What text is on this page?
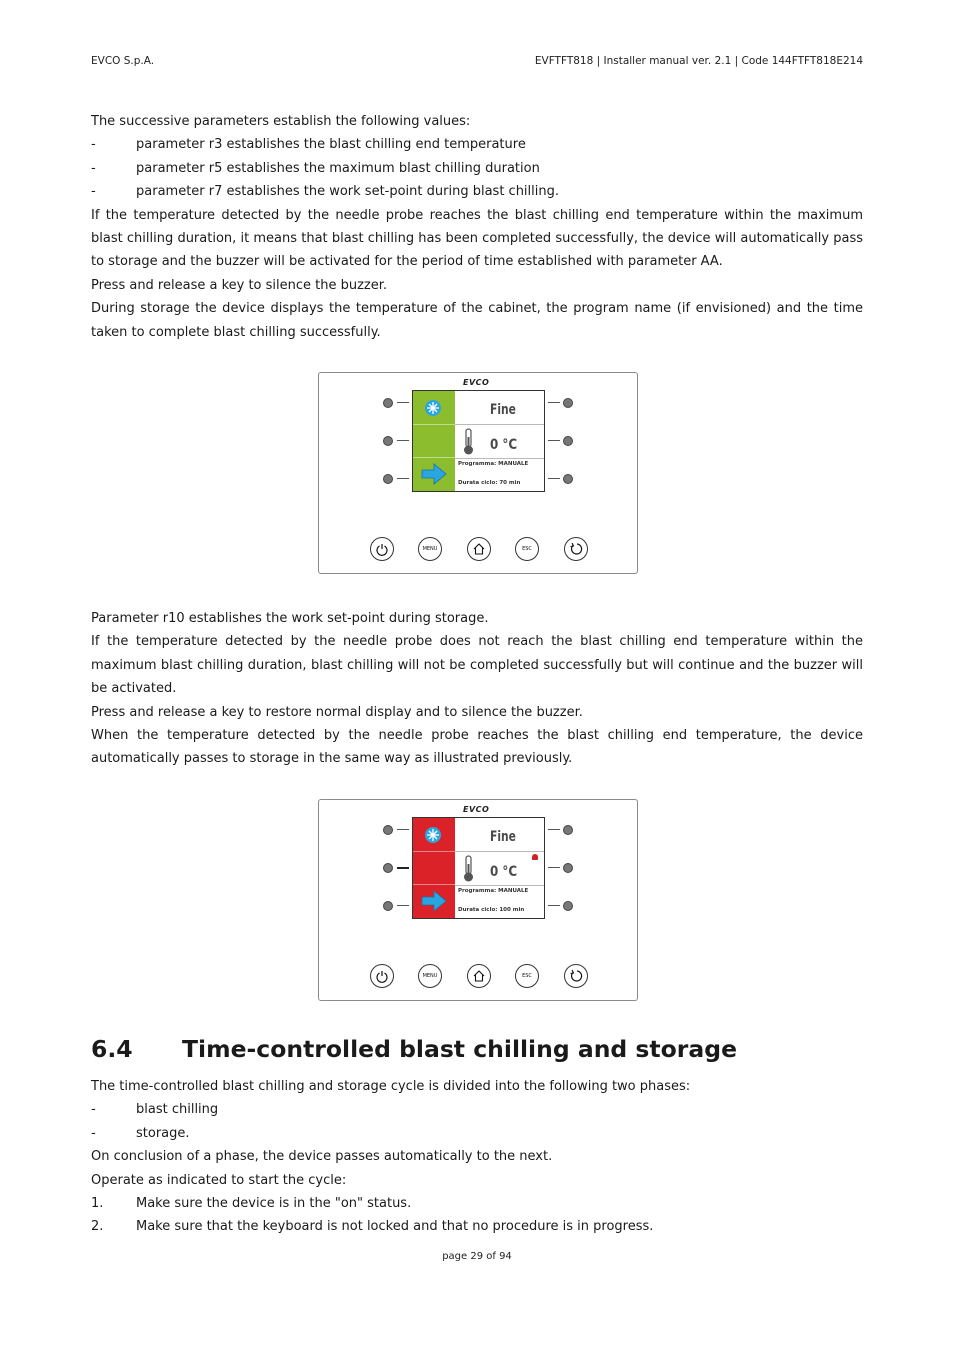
EVCO S.p.A.	EVFTFT818 | Installer manual ver. 2.1 | Code 144FTFT818E214

The successive parameters establish the following values:

-	parameter r3 establishes the blast chilling end temperature
-	parameter r5 establishes the maximum blast chilling duration
-	parameter r7 establishes the work set-point during blast chilling.

If the temperature detected by the needle probe reaches the blast chilling end temperature within the maximum blast chilling duration, it means that blast chilling has been completed successfully, the device will automatically pass to storage and the buzzer will be activated for the period of time established with parameter AA.

Press and release a key to silence the buzzer.

During storage the device displays the temperature of the cabinet, the program name (if envisioned) and the time taken to complete blast chilling successfully.

EVCO
Fine
0 °C
Programma: MANUALE
Durata ciclo: 70 min
MENU	ESC

Parameter r10 establishes the work set-point during storage.

If the temperature detected by the needle probe does not reach the blast chilling end temperature within the maximum blast chilling duration, blast chilling will not be completed successfully but will continue and the buzzer will be activated.

Press and release a key to restore normal display and to silence the buzzer.

When the temperature detected by the needle probe reaches the blast chilling end temperature, the device automatically passes to storage in the same way as illustrated previously.

EVCO
Fine
0 °C
Programma: MANUALE
Durata ciclo: 100 min
MENU	ESC
6.4 Time-controlled blast chilling and storage

The time-controlled blast chilling and storage cycle is divided into the following two phases:

-	blast chilling
-	storage.

On conclusion of a phase, the device passes automatically to the next.

Operate as indicated to start the cycle:

1.	Make sure the device is in the "on" status.
2.	Make sure that the keyboard is not locked and that no procedure is in progress.
page 29 of 94
